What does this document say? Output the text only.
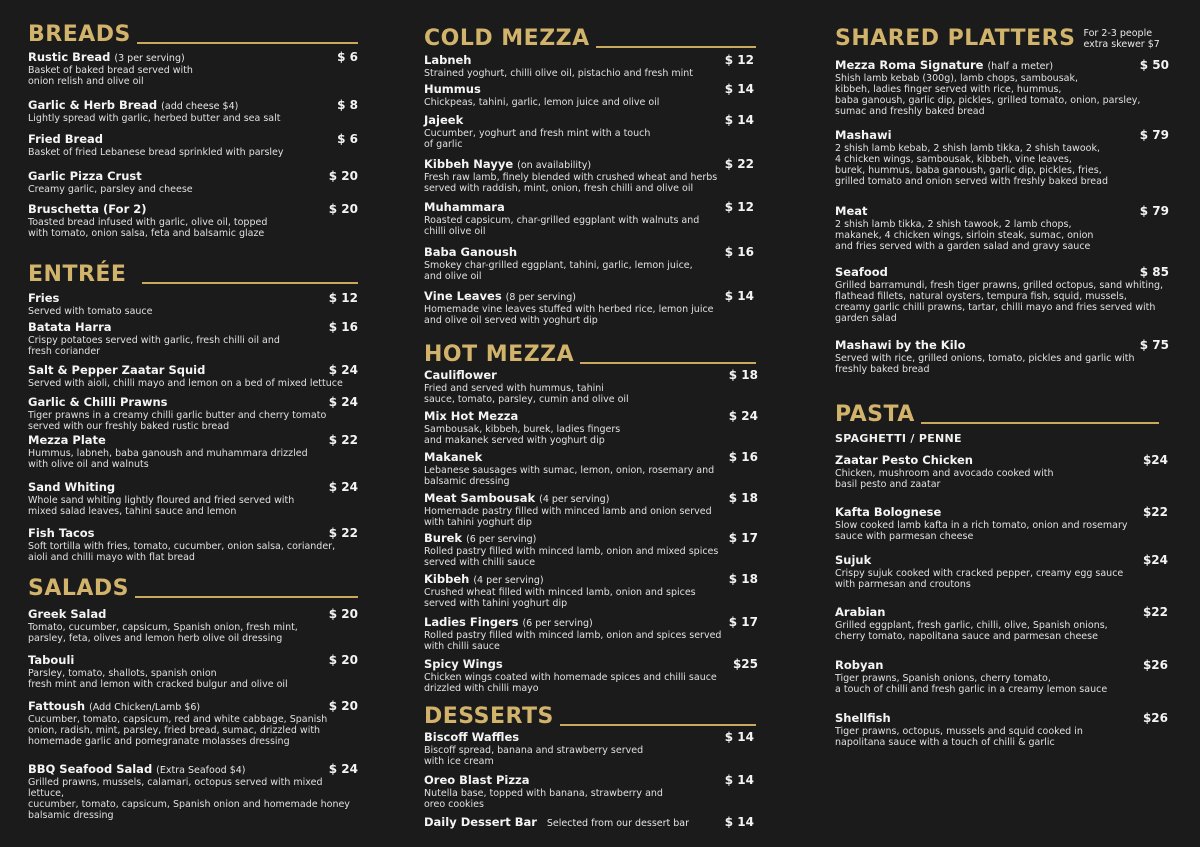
BREADS
Rustic Bread (3 per serving)	$ 6
Basket of baked bread served with
onion relish and olive oil
Garlic & Herb Bread (add cheese $4)	$ 8
Lightly spread with garlic, herbed butter and sea salt
Fried Bread	$ 6
Basket of fried Lebanese bread sprinkled with parsley
Garlic Pizza Crust	$ 20
Creamy garlic, parsley and cheese
Bruschetta (For 2)	$ 20
Toasted bread infused with garlic, olive oil, topped
with tomato, onion salsa, feta and balsamic glaze
ENTRÉE
Fries	$ 12
Served with tomato sauce
Batata Harra	$ 16
Crispy potatoes served with garlic, fresh chilli oil and
fresh coriander
Salt & Pepper Zaatar Squid	$ 24
Served with aioli, chilli mayo and lemon on a bed of mixed lettuce
Garlic & Chilli Prawns	$ 24
Tiger prawns in a creamy chilli garlic butter and cherry tomato
served with our freshly baked rustic bread
Mezza Plate	$ 22
Hummus, labneh, baba ganoush and muhammara drizzled
with olive oil and walnuts
Sand Whiting	$ 24
Whole sand whiting lightly floured and fried served with
mixed salad leaves, tahini sauce and lemon
Fish Tacos	$ 22
Soft tortilla with fries, tomato, cucumber, onion salsa, coriander,
aioli and chilli mayo with flat bread
SALADS
Greek Salad	$ 20
Tomato, cucumber, capsicum, Spanish onion, fresh mint,
parsley, feta, olives and lemon herb olive oil dressing
Tabouli	$ 20
Parsley, tomato, shallots, spanish onion
fresh mint and lemon with cracked bulgur and olive oil
Fattoush (Add Chicken/Lamb $6)	$ 20
Cucumber, tomato, capsicum, red and white cabbage, Spanish
onion, radish, mint, parsley, fried bread, sumac, drizzled with
homemade garlic and pomegranate molasses dressing
BBQ Seafood Salad (Extra Seafood $4)	$ 24
Grilled prawns, mussels, calamari, octopus served with mixed lettuce,
cucumber, tomato, capsicum, Spanish onion and homemade honey
balsamic dressing
COLD MEZZA
Labneh	$ 12
Strained yoghurt, chilli olive oil, pistachio and fresh mint
Hummus	$ 14
Chickpeas, tahini, garlic, lemon juice and olive oil
Jajeek	$ 14
Cucumber, yoghurt and fresh mint with a touch
of garlic
Kibbeh Nayye (on availability)	$ 22
Fresh raw lamb, finely blended with crushed wheat and herbs
served with raddish, mint, onion, fresh chilli and olive oil
Muhammara	$ 12
Roasted capsicum, char-grilled eggplant with walnuts and
chilli olive oil
Baba Ganoush	$ 16
Smokey char-grilled eggplant, tahini, garlic, lemon juice,
and olive oil
Vine Leaves (8 per serving)	$ 14
Homemade vine leaves stuffed with herbed rice, lemon juice
and olive oil served with yoghurt dip
HOT MEZZA
Cauliflower	$ 18
Fried and served with hummus, tahini
sauce, tomato, parsley, cumin and olive oil
Mix Hot Mezza	$ 24
Sambousak, kibbeh, burek, ladies fingers
and makanek served with yoghurt dip
Makanek	$ 16
Lebanese sausages with sumac, lemon, onion, rosemary and
balsamic dressing
Meat Sambousak (4 per serving)	$ 18
Homemade pastry filled with minced lamb and onion served
with tahini yoghurt dip
Burek (6 per serving)	$ 17
Rolled pastry filled with minced lamb, onion and mixed spices
served with chilli sauce
Kibbeh (4 per serving)	$ 18
Crushed wheat filled with minced lamb, onion and spices
served with tahini yoghurt dip
Ladies Fingers (6 per serving)	$ 17
Rolled pastry filled with minced lamb, onion and spices served
with chilli sauce
Spicy Wings	$25
Chicken wings coated with homemade spices and chilli sauce
drizzled with chilli mayo
DESSERTS
Biscoff Waffles	$ 14
Biscoff spread, banana and strawberry served
with ice cream
Oreo Blast Pizza	$ 14
Nutella base, topped with banana, strawberry and
oreo cookies
Daily Dessert Bar Selected from our dessert bar	$ 14
SHARED PLATTERS For 2-3 people
extra skewer $7
Mezza Roma Signature (half a meter)	$ 50
Shish lamb kebab (300g), lamb chops, sambousak,
kibbeh, ladies finger served with rice, hummus,
baba ganoush, garlic dip, pickles, grilled tomato, onion, parsley,
sumac and freshly baked bread
Mashawi	$ 79
2 shish lamb kebab, 2 shish lamb tikka, 2 shish tawook,
4 chicken wings, sambousak, kibbeh, vine leaves,
burek, hummus, baba ganoush, garlic dip, pickles, fries,
grilled tomato and onion served with freshly baked bread
Meat	$ 79
2 shish lamb tikka, 2 shish tawook, 2 lamb chops,
makanek, 4 chicken wings, sirloin steak, sumac, onion
and fries served with a garden salad and gravy sauce
Seafood	$ 85
Grilled barramundi, fresh tiger prawns, grilled octopus, sand whiting,
flathead fillets, natural oysters, tempura fish, squid, mussels,
creamy garlic chilli prawns, tartar, chilli mayo and fries served with
garden salad
Mashawi by the Kilo	$ 75
Served with rice, grilled onions, tomato, pickles and garlic with
freshly baked bread
PASTA
SPAGHETTI / PENNE
Zaatar Pesto Chicken	$24
Chicken, mushroom and avocado cooked with
basil pesto and zaatar
Kafta Bolognese	$22
Slow cooked lamb kafta in a rich tomato, onion and rosemary
sauce with parmesan cheese
Sujuk	$24
Crispy sujuk cooked with cracked pepper, creamy egg sauce
with parmesan and croutons
Arabian	$22
Grilled eggplant, fresh garlic, chilli, olive, Spanish onions,
cherry tomato, napolitana sauce and parmesan cheese
Robyan	$26
Tiger prawns, Spanish onions, cherry tomato,
a touch of chilli and fresh garlic in a creamy lemon sauce
Shellfish	$26
Tiger prawns, octopus, mussels and squid cooked in
napolitana sauce with a touch of chilli & garlic
